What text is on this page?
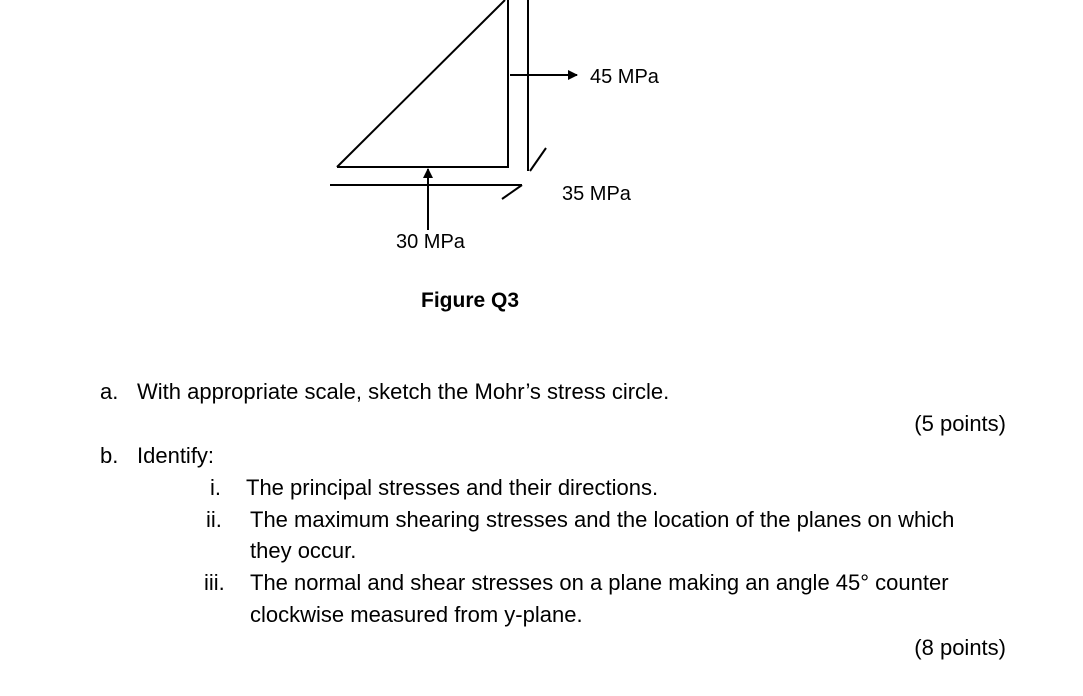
45 MPa
35 MPa
30 MPa
Figure Q3
a. With appropriate scale, sketch the Mohr’s stress circle.
(5 points)
b. Identify:
i. The principal stresses and their directions.
ii. The maximum shearing stresses and the location of the planes on which
they occur.
iii. The normal and shear stresses on a plane making an angle 45° counter
clockwise measured from y-plane.
(8 points)
